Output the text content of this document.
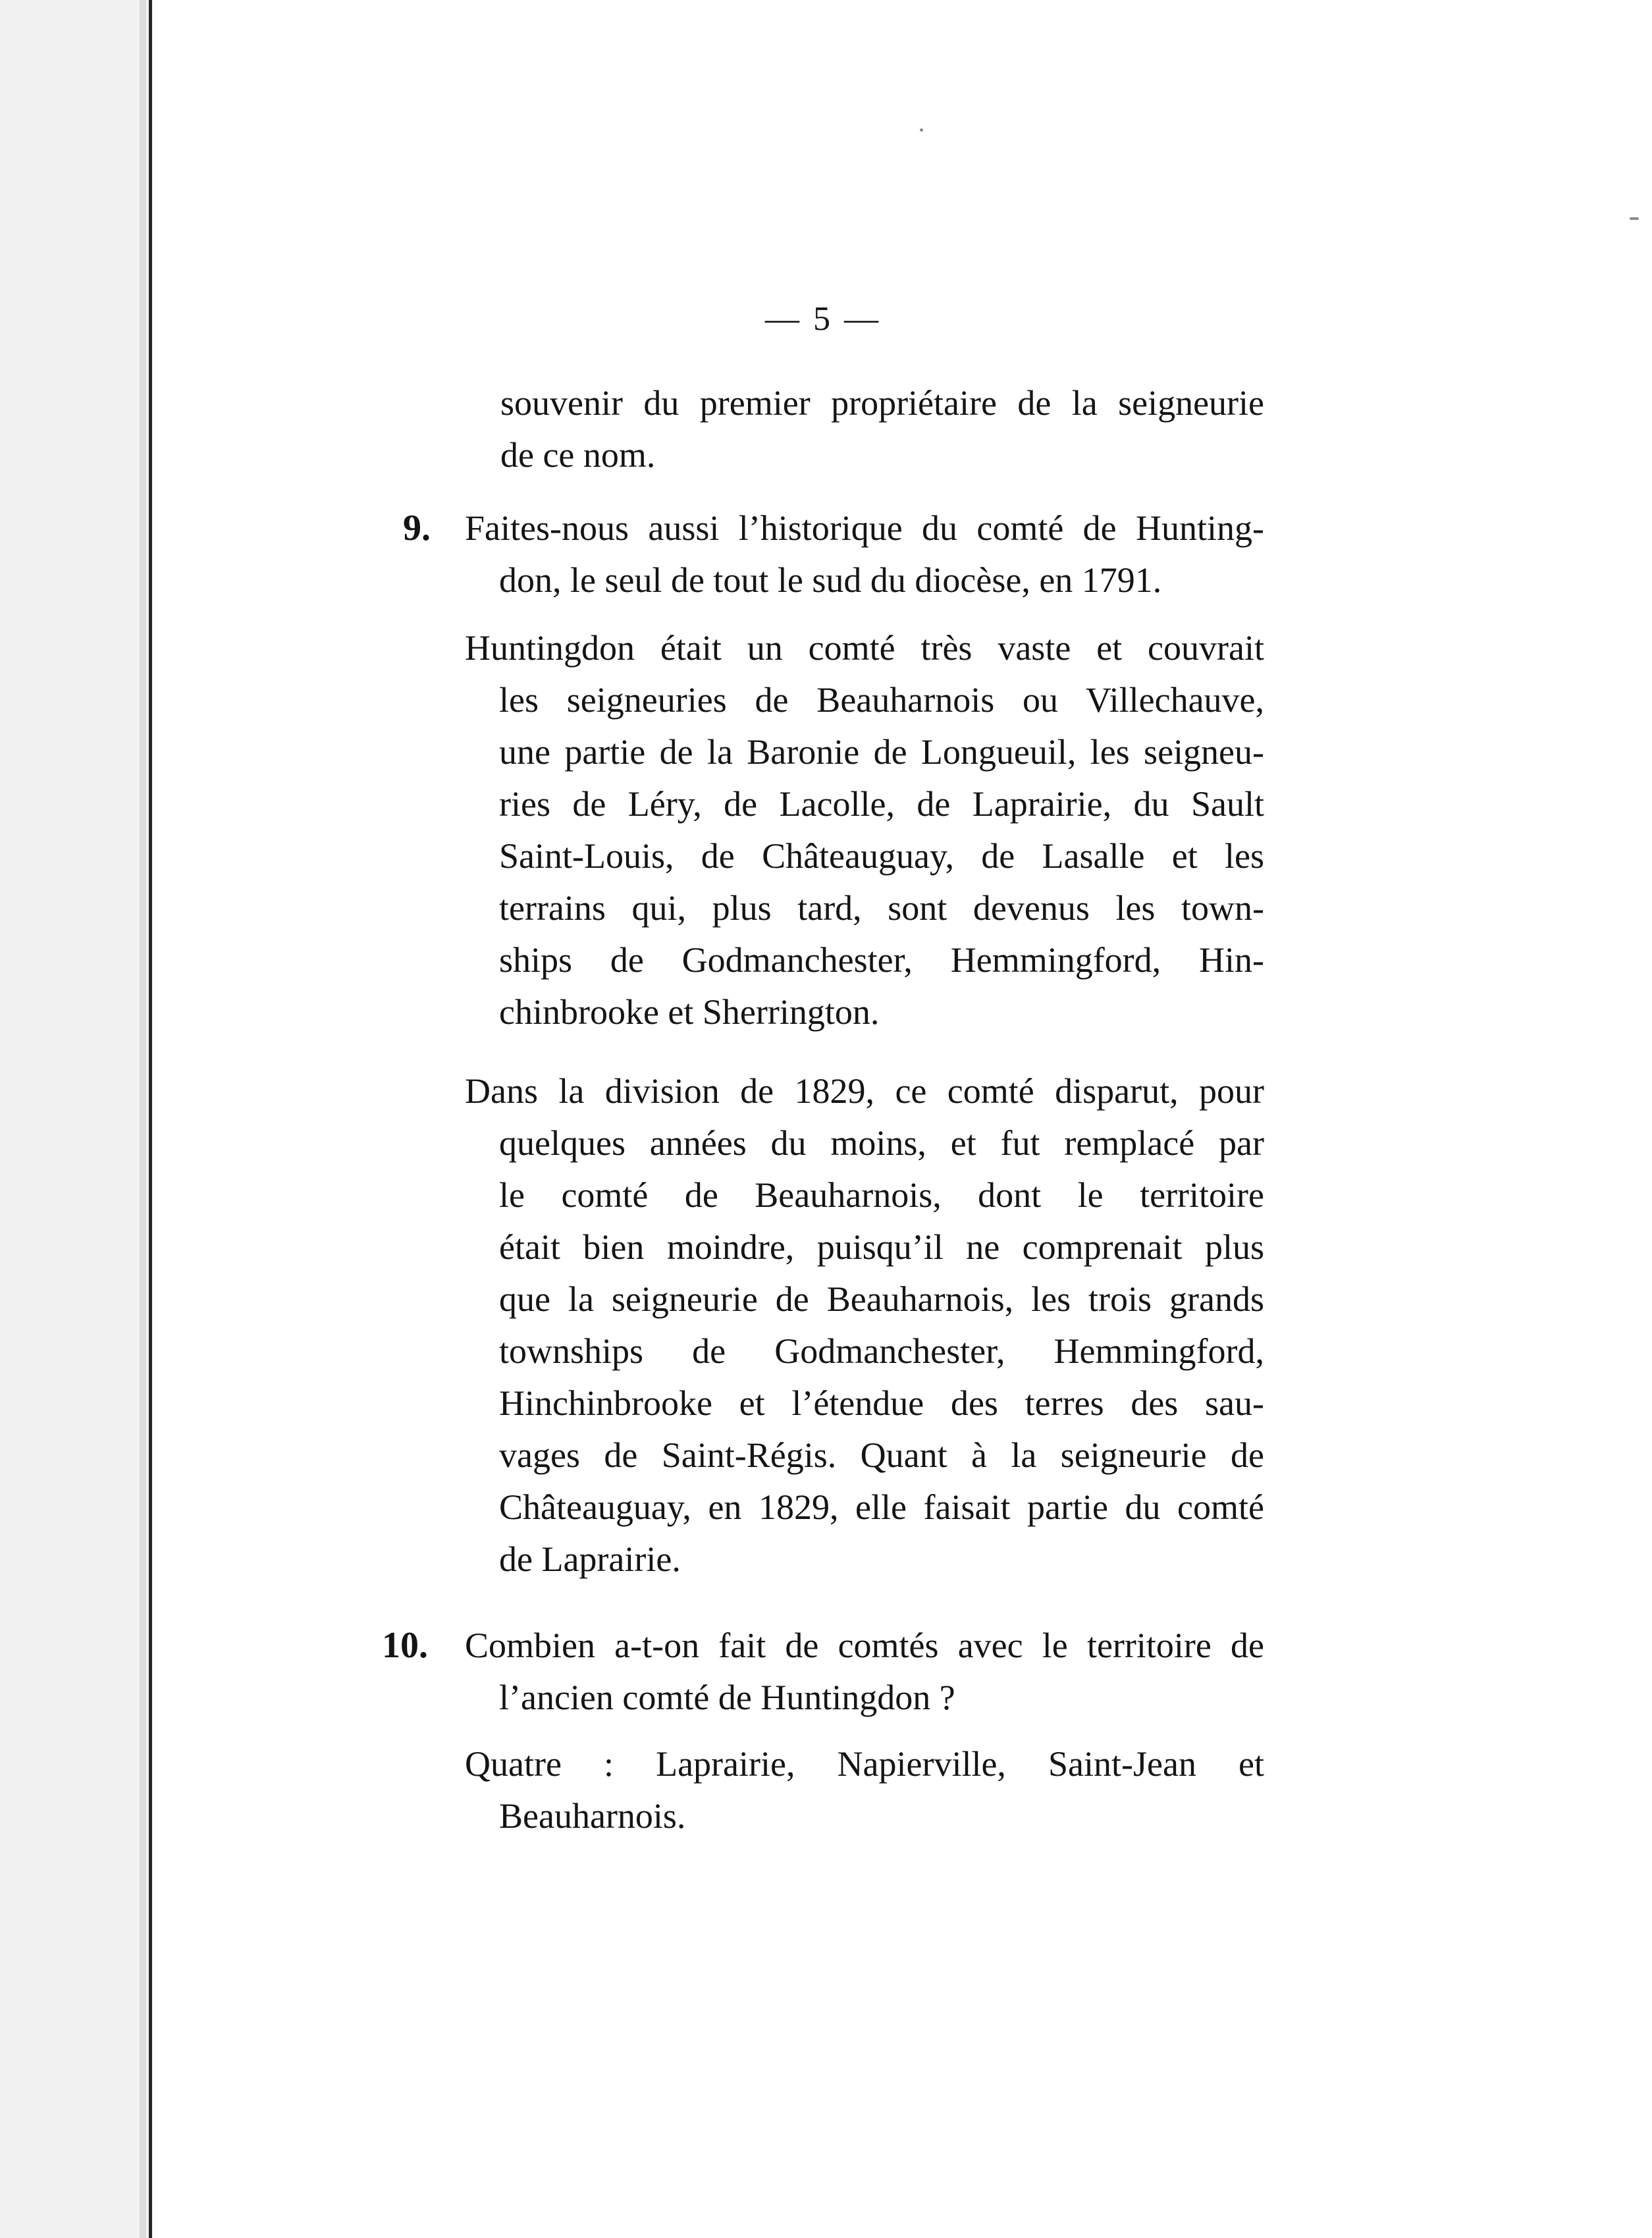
— 5 —
souvenir du premier propriétaire de la seigneurie
de ce nom.
9. Faites-nous aussi l’historique du comté de Hunting-
don, le seul de tout le sud du diocèse, en 1791.
Huntingdon était un comté très vaste et couvrait
les seigneuries de Beauharnois ou Villechauve,
une partie de la Baronie de Longueuil, les seigneu-
ries de Léry, de Lacolle, de Laprairie, du Sault
Saint-Louis, de Châteauguay, de Lasalle et les
terrains qui, plus tard, sont devenus les town-
ships de Godmanchester, Hemmingford, Hin-
chinbrooke et Sherrington.
Dans la division de 1829, ce comté disparut, pour
quelques années du moins, et fut remplacé par
le comté de Beauharnois, dont le territoire
était bien moindre, puisqu’il ne comprenait plus
que la seigneurie de Beauharnois, les trois grands
townships de Godmanchester, Hemmingford,
Hinchinbrooke et l’étendue des terres des sau-
vages de Saint-Régis. Quant à la seigneurie de
Châteauguay, en 1829, elle faisait partie du comté
de Laprairie.
10. Combien a-t-on fait de comtés avec le territoire de
l’ancien comté de Huntingdon ?
Quatre : Laprairie, Napierville, Saint-Jean et
Beauharnois.
